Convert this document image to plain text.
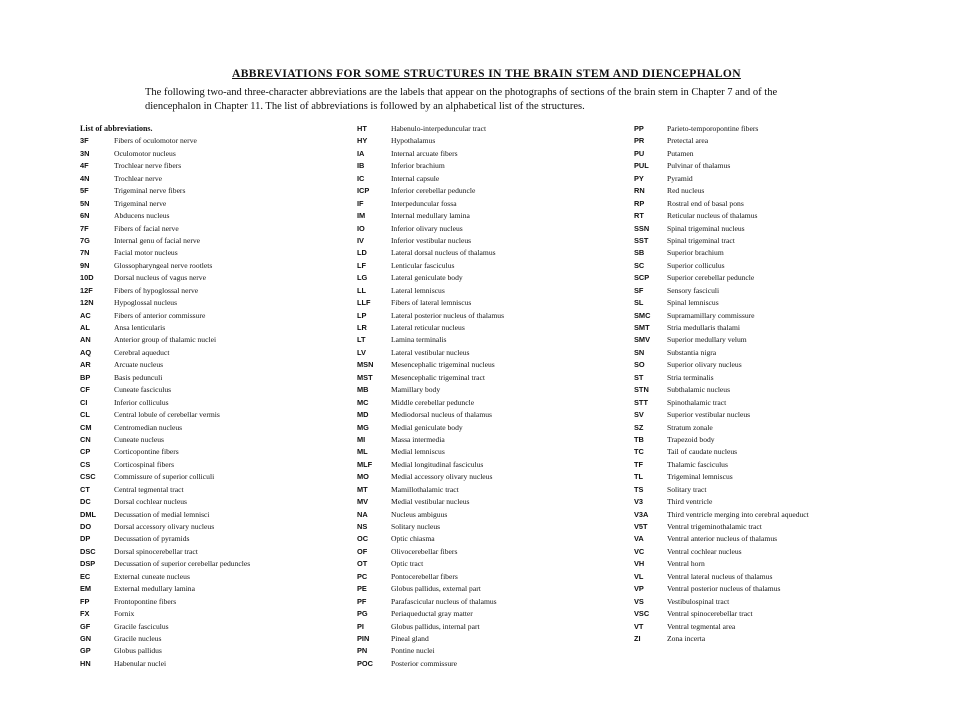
ABBREVIATIONS FOR SOME STRUCTURES IN THE BRAIN STEM AND DIENCEPHALON
The following two-and three-character abbreviations are the labels that appear on the photographs of sections of the brain stem in Chapter 7 and of the diencephalon in Chapter 11. The list of abbreviations is followed by an alphabetical list of the structures.
List of abbreviations.
3F	Fibers of oculomotor nerve
3N	Oculomotor nucleus
4F	Trochlear nerve fibers
4N	Trochlear nerve
5F	Trigeminal nerve fibers
5N	Trigeminal nerve
6N	Abducens nucleus
7F	Fibers of facial nerve
7G	Internal genu of facial nerve
7N	Facial motor nucleus
9N	Glossopharyngeal nerve rootlets
10D	Dorsal nucleus of vagus nerve
12F	Fibers of hypoglossal nerve
12N	Hypoglossal nucleus
AC	Fibers of anterior commissure
AL	Ansa lenticularis
AN	Anterior group of thalamic nuclei
AQ	Cerebral aqueduct
AR	Arcuate nucleus
BP	Basis pedunculi
CF	Cuneate fasciculus
CI	Inferior colliculus
CL	Central lobule of cerebellar vermis
CM	Centromedian nucleus
CN	Cuneate nucleus
CP	Corticopontine fibers
CS	Corticospinal fibers
CSC Commissure of superior colliculi
CT	Central tegmental tract
DC	Dorsal cochlear nucleus
DML Decussation of medial lemnisci
DO	Dorsal accessory olivary nucleus
DP	Decussation of pyramids
DSC Dorsal spinocerebellar tract
DSP Decussation of superior cerebellar peduncles
EC	External cuneate nucleus
EM	External medullary lamina
FP	Frontopontine fibers
FX	Fornix
GF	Gracile fasciculus
GN	Gracile nucleus
GP	Globus pallidus
HN	Habenular nuclei
HT	Habenulo-interpeduncular tract
HY	Hypothalamus
IA	Internal arcuate fibers
IB	Inferior brachium
IC	Internal capsule
ICP	Inferior cerebellar peduncle
IF	Interpeduncular fossa
IM	Internal medullary lamina
IO	Inferior olivary nucleus
IV	Inferior vestibular nucleus
LD	Lateral dorsal nucleus of thalamus
LF	Lenticular fasciculus
LG	Lateral geniculate body
LL	Lateral lemniscus
LLF	Fibers of lateral lemniscus
LP	Lateral posterior nucleus of thalamus
LR	Lateral reticular nucleus
LT	Lamina terminalis
LV	Lateral vestibular nucleus
MSN Mesencephalic trigeminal nucleus
MST Mesencephalic trigeminal tract
MB	Mamillary body
MC	Middle cerebellar peduncle
MD	Mediodorsal nucleus of thalamus
MG	Medial geniculate body
MI	Massa intermedia
ML	Medial lemniscus
MLF Medial longitudinal fasciculus
MO	Medial accessory olivary nucleus
MT	Mamillothalamic tract
MV	Medial vestibular nucleus
NA	Nucleus ambiguus
NS	Solitary nucleus
OC	Optic chiasma
OF	Olivocerebellar fibers
OT	Optic tract
PC	Pontocerebellar fibers
PE	Globus pallidus, external part
PF	Parafascicular nucleus of thalamus
PG	Periaqueductal gray matter
PI	Globus pallidus, internal part
PIN	Pineal gland
PN	Pontine nuclei
POC Posterior commissure
PP	Parieto-temporopontine fibers
PR	Pretectal area
PU	Putamen
PUL Pulvinar of thalamus
PY	Pyramid
RN	Red nucleus
RP	Rostral end of basal pons
RT	Reticular nucleus of thalamus
SSN Spinal trigeminal nucleus
SST Spinal trigeminal tract
SB	Superior brachium
SC	Superior colliculus
SCP Superior cerebellar peduncle
SF	Sensory fasciculi
SL	Spinal lemniscus
SMC Supramamillary commissure
SMT Stria medullaris thalami
SMV Superior medullary velum
SN	Substantia nigra
SO	Superior olivary nucleus
ST	Stria terminalis
STN Subthalamic nucleus
STT	Spinothalamic tract
SV	Superior vestibular nucleus
SZ	Stratum zonale
TB	Trapezoid body
TC	Tail of caudate nucleus
TF	Thalamic fasciculus
TL	Trigeminal lemniscus
TS	Solitary tract
V3	Third ventricle
V3A Third ventricle merging into cerebral aqueduct
V5T	Ventral trigeminothalamic tract
VA	Ventral anterior nucleus of thalamus
VC	Ventral cochlear nucleus
VH	Ventral horn
VL	Ventral lateral nucleus of thalamus
VP	Ventral posterior nucleus of thalamus
VS	Vestibulospinal tract
VSC Ventral spinocerebellar tract
VT	Ventral tegmental area
ZI	Zona incerta
